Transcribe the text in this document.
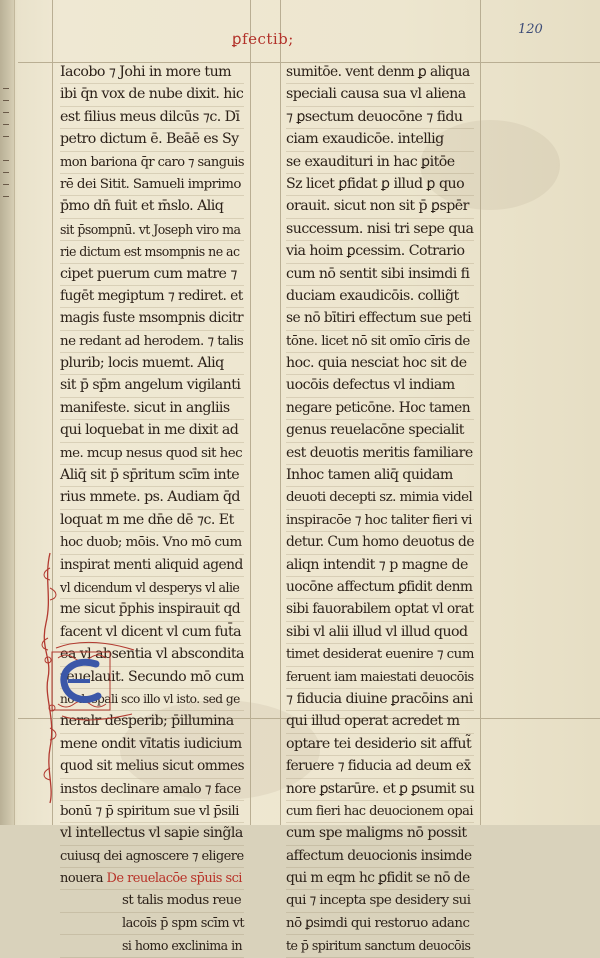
120
ꝑfectib;
Iacobo ⁊ Johi in more tum
ibi q̄n vox de nube dixit. hic
est filius meus dilcūs ⁊c. Dī
petro dictum ē. Beāē es Sy
mon bariona q̄r caro ⁊ sanguis
rē dei Sitit. Samueli imprimo
p̄mo dn̄ fuit et m̄slo. Aliq
sit p̄sompnū. vt Joseph viro ma
rie dictum est msompnis ne ac
cipet puerum cum matre ⁊
fugēt megiptum ⁊ rediret. et
magis fuste msompnis dicitr
ne redant ad herodem. ⁊ talis
plurib; locis muemt. Aliq
sit p̄ sp̄m angelum vigilanti
manifeste. sicut in angliis
qui loquebat in me dixit ad
me. mcup nesus quod sit hec
Aliq̄ sit p̄ sp̄ritum scīm inte
rius mmete. ps. Audiam q̄d
loquat m me dn̄e dē ⁊c. Et
hoc duob; mōis. Vno mō cum
inspirat menti aliquid agend
vl dicendum vl desperys vl alie
me sicut p̄phis inspirauit qd
facent vl dicent vl cum fut̄a
ea vl absentia vl abscondita
reuelauit. Secundo mō cum
nō despali sco illo vl isto. sed ge
neralr desperib; p̄illumina
mene ondit vītatis iudicium
quod sit melius sicut ommes
instos declinare amalo ⁊ face
bonū ⁊ p̄ spiritum sue vl p̄sili
vl intellectus vl sapie sing̃la
cuiusq dei agnoscere ⁊ eligere
nouera De reuelacōe sp̄uis sci
st talis modus reue
lacoīs p̄ spm scīm vt
si homo exclinima in
sumitōe. vent denm ꝑ aliqua
speciali causa sua vl aliena
⁊ ꝑsectum deuocōne ⁊ fidu
ciam exaudicōe. intellig
se exaudituri in hac ꝑitōe
Sz licet ꝑfidat ꝑ illud ꝑ quo
orauit. sicut non sit p̄ ꝑspēr
successum. nisi tri sepe qua
via hoim ꝑcessim. Cotrario
cum nō sentit sibi insimdi fi
duciam exaudicōis. collig̃t
se nō bītiri effectum sue peti
tōne. licet nō sit omīo cīris de
hoc. quia nesciat hoc sit de
uocōis defectus vl indiam
negare peticōne. Hoc tamen
genus reuelacōne specialit
est deuotis meritis familiare
Inhoc tamen aliq̄ quidam
deuoti decepti sz. mimia videl
inspiracōe ⁊ hoc taliter fieri vi
detur. Cum homo deuotus de
aliqn intendit ⁊ p magne de
uocōne affectum ꝑfidit denm
sibi fauorabilem optat vl orat
sibi vl alii illud vl illud quod
timet desiderat euenire ⁊ cum
feruent iam maiestati deuocōis
⁊ fiducia diuine ꝑracōins ani
qui illud operat acredet m
optare tei desiderio sit affut̃
feruere ⁊ fiducia ad deum ex̄
nore ꝑstarūre. et ꝑ ꝑsumit su
cum fieri hac deuocionem opai
cum spe maligms nō possit
affectum deuocionis insimde
qui m eqm hc ꝑfidit se nō de
qui ⁊ incepta spe desidery sui
nō ꝑsimdi qui restoruo adanc
te p̄ spiritum sanctum deuocōis
